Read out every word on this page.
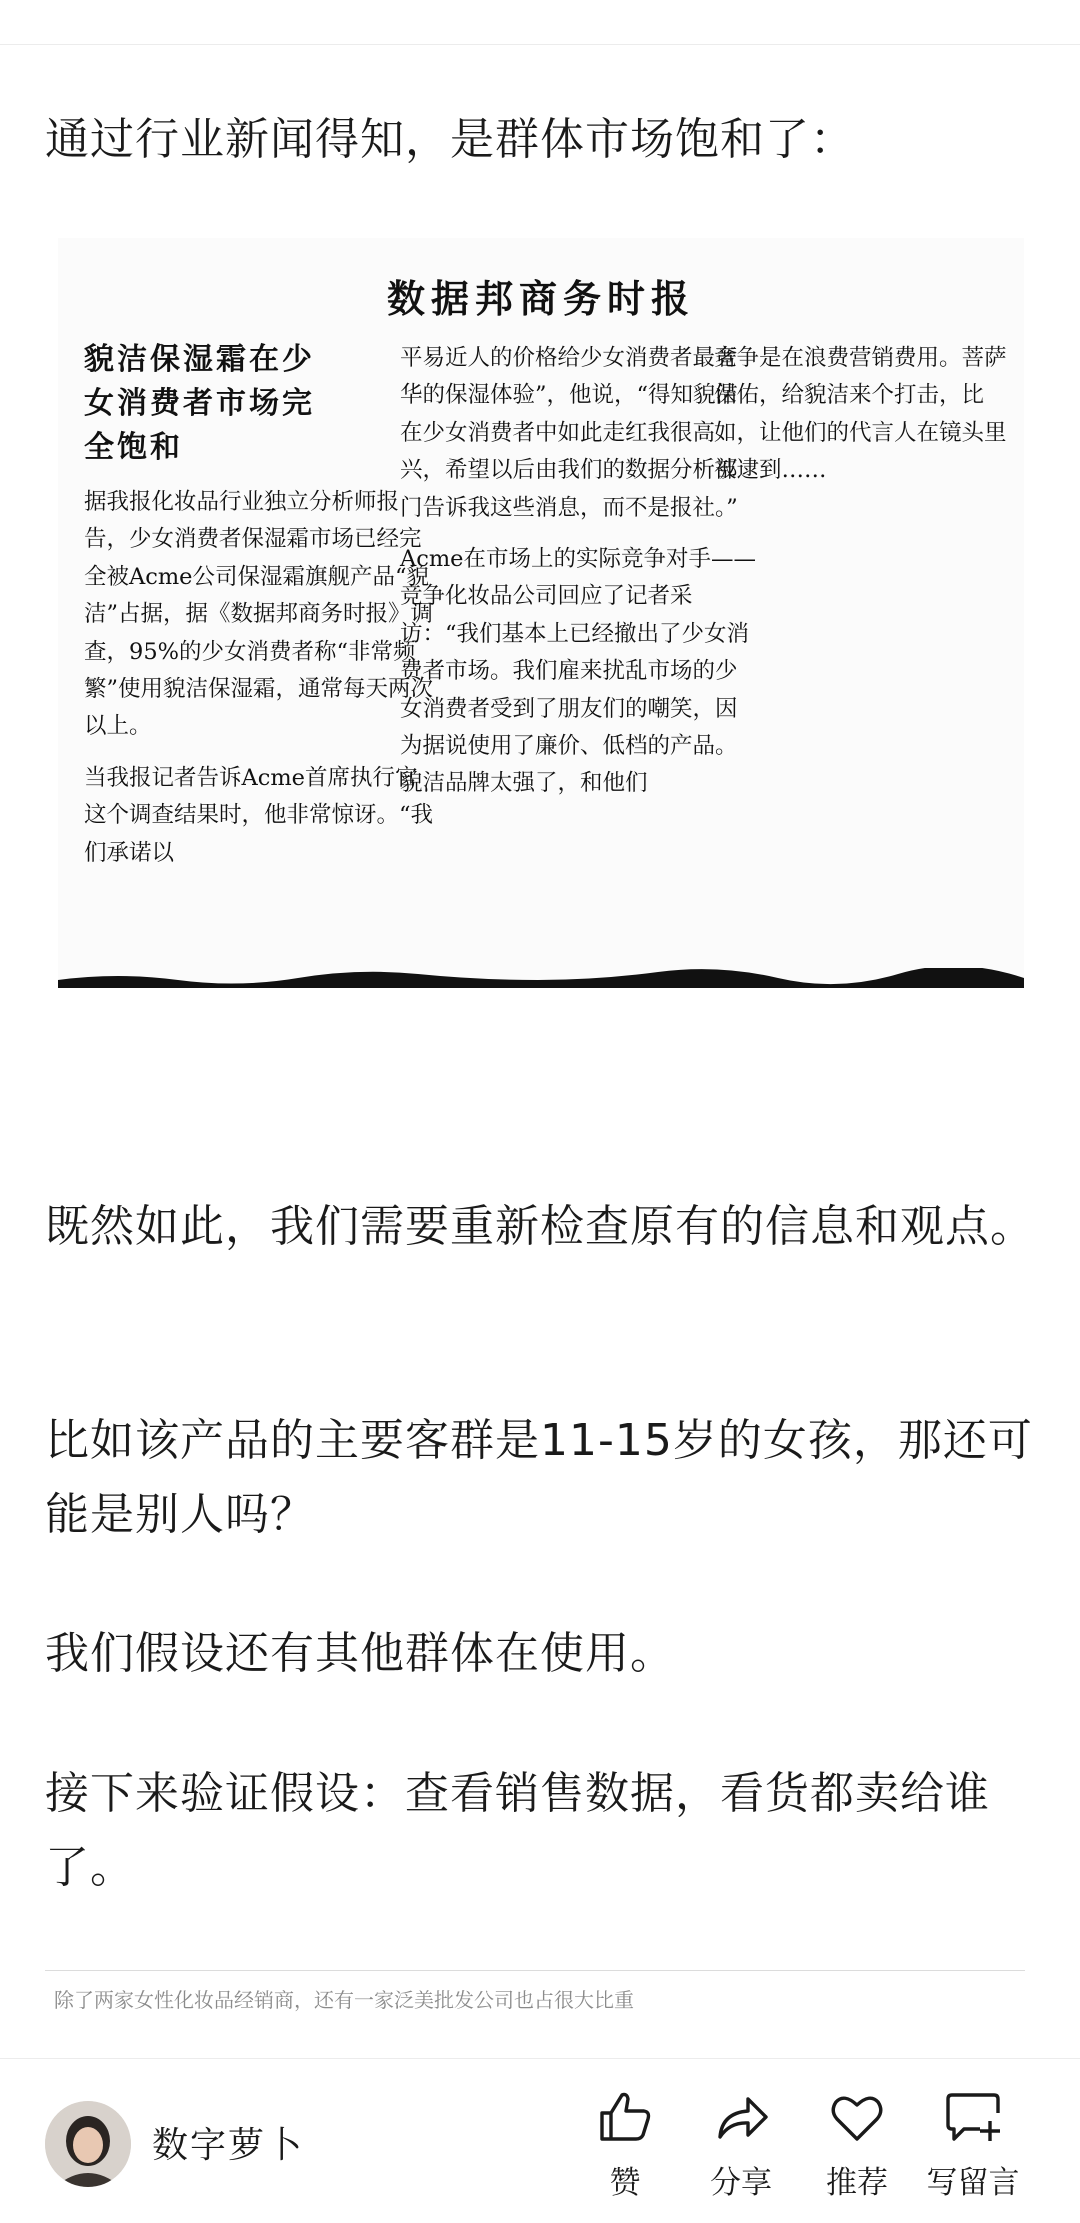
通过行业新闻得知，是群体市场饱和了：

数据邦商务时报
貌洁保湿霜在少女消费者市场完全饱和

据我报化妆品行业独立分析师报告，少女消费者保湿霜市场已经完全被Acme公司保湿霜旗舰产品“貌洁”占据，据《数据邦商务时报》调查，95%的少女消费者称“非常频繁”使用貌洁保湿霜，通常每天两次以上。

当我报记者告诉Acme首席执行官这个调查结果时，他非常惊讶。“我们承诺以

平易近人的价格给少女消费者最奢华的保湿体验”，他说，“得知貌洁在少女消费者中如此走红我很高兴，希望以后由我们的数据分析部门告诉我这些消息，而不是报社。”

Acme在市场上的实际竞争对手——竞争化妆品公司回应了记者采访：“我们基本上已经撤出了少女消费者市场。我们雇来扰乱市场的少女消费者受到了朋友们的嘲笑，因为据说使用了廉价、低档的产品。貌洁品牌太强了，和他们

竞争是在浪费营销费用。菩萨保佑，给貌洁来个打击，比如，让他们的代言人在镜头里被逮到……

既然如此，我们需要重新检查原有的信息和观点。

比如该产品的主要客群是11-15岁的女孩，那还可能是别人吗？

我们假设还有其他群体在使用。

接下来验证假设：查看销售数据，看货都卖给谁了。

除了两家女性化妆品经销商，还有一家泛美批发公司也占很大比重
数字萝卜
赞	分享	推荐	写留言
